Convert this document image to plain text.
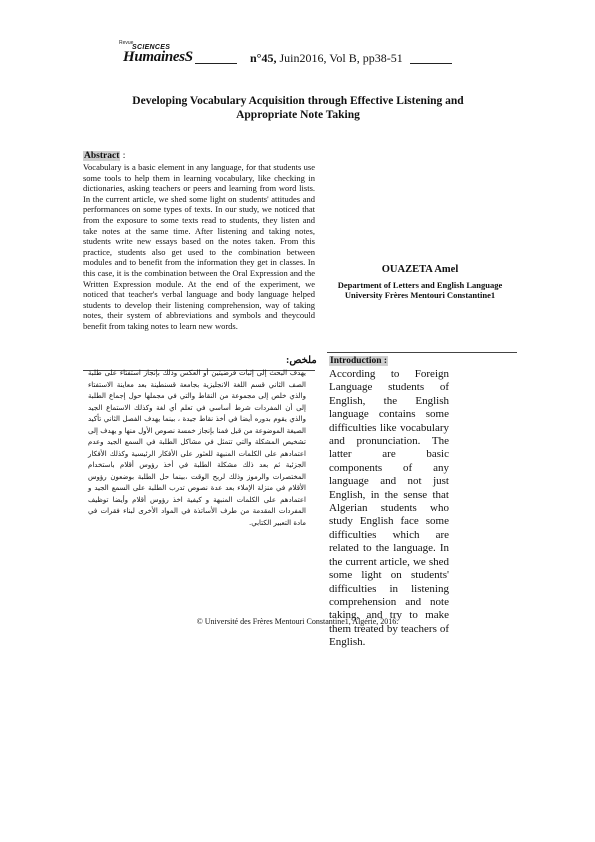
Revue
SCIENCES
HumainesS	n°45, Juin2016, Vol B, pp38-51
Developing Vocabulary Acquisition through Effective Listening and Appropriate Note Taking
Abstract :
Vocabulary is a basic element in any language, for that students use some tools to help them in learning vocabulary, like checking in dictionaries, asking teachers or peers and learning from word lists. In the current article, we shed some light on students' attitudes and performances on some types of texts. In our study, we noticed that from the exposure to some texts read to students, they listen and take notes at the same time. After listening and taking notes, students write new essays based on the notes taken. From this practice, students also get used to the combination between modules and to benefit from the information they get in classes. In this case, it is the combination between the Oral Expression and the Written Expression module. At the end of the experiment, we noticed that teacher's verbal language and body language helped students to develop their listening comprehension, way of taking notes, their system of abbreviations and symbols and theycould benefit from taking notes to learn new words.
OUAZETA Amel
Department of Letters and English Language
University Frères Mentouri Constantine1
ملخص:
يهدف البحث إلى إثبات فرضيتين أو العكس وذلك بإنجاز استفتاء على طلبة الصف الثاني قسم اللغة الانجليزية بجامعة قسنطينة بعد معاينة الاستفتاء والذي خلص إلى مجموعة من النقاط والتي في مجملها حول إجماع الطلبة إلى أن المفردات شرط أساسي في تعلم أي لغة وكذلك الاستماع الجيد والذي يقوم بدوره أيضا في أخذ نقاط جيدة ، بينما يهدف الفصل الثاني تأكيد الصيغة الموضوعة من قبل فمنا بإنجاز خمسة نصوص الأول منها و يهدف إلى تشخيص المشكلة والتي تتمثل في مشاكل الطلبة في السمع الجيد وعدم اعتمادهم على الكلمات المنبهة للعثور على الأفكار الرئيسية وكذلك الأفكار الجزئية ثم بعد ذلك مشكلة الطلبة في أخذ رؤوس أقلام باستخدام المختصرات والرموز وذلك لربح الوقت ،بينما حل الطلبة بوضعون رؤوس الأقلام في منزلة الإملاء بعد عدة نصوص تدرب الطلبة على السمع الجيد و اعتمادهم على الكلمات المنبهة و كيفية اخذ رؤوس أقلام وأيضا توظيف المفردات المقدمة من طرف الأساتذة في المواد الأخرى لبناء فقرات في مادة التعبير الكتابي.
Introduction :
According to Foreign Language students of English, the English language contains some difficulties like vocabulary and pronunciation. The latter are basic components of any language and not just English, in the sense that Algerian students who study English face some difficulties which are related to the language. In the current article, we shed some light on students' difficulties in listening comprehension and note taking, and try to make them treated by teachers of English.
© Université des Frères Mentouri Constantine1, Algérie, 2016.
